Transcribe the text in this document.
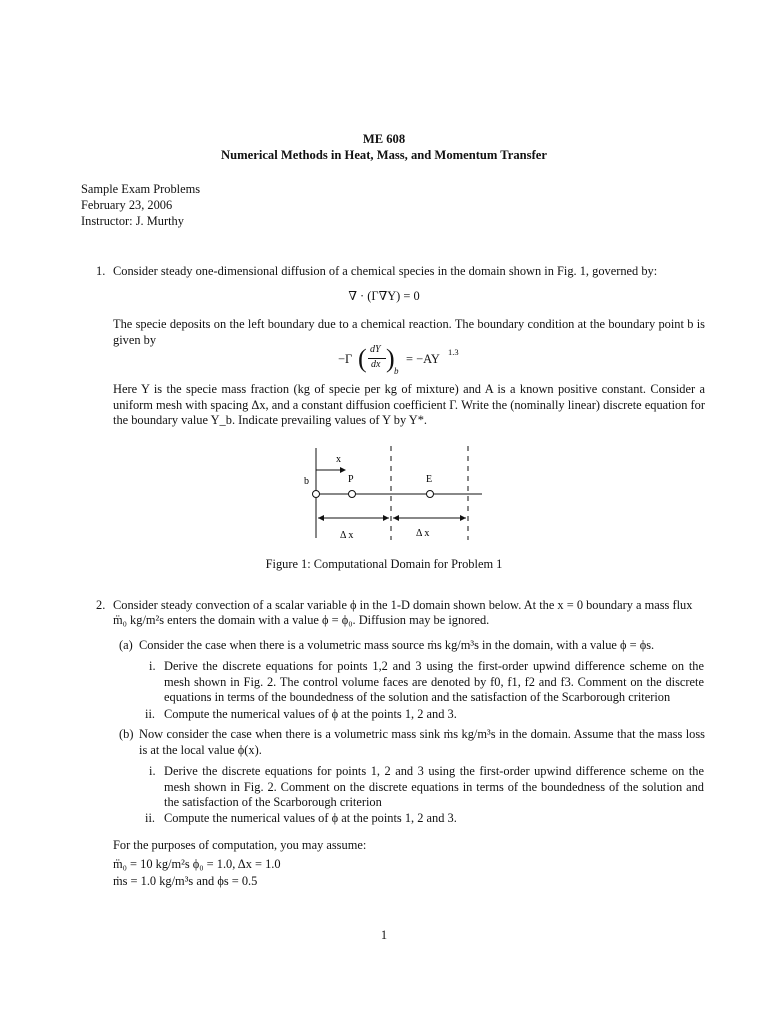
ME 608
Numerical Methods in Heat, Mass, and Momentum Transfer
Sample Exam Problems
February 23, 2006
Instructor: J. Murthy
1. Consider steady one-dimensional diffusion of a chemical species in the domain shown in Fig. 1, governed by:
∇ · (Γ∇Y) = 0
The specie deposits on the left boundary due to a chemical reaction. The boundary condition at the boundary point b is given by
−Γ ( dY
dx ) b
= −AY 1.3
Here Y is the specie mass fraction (kg of specie per kg of mixture) and A is a known positive constant. Consider a uniform mesh with spacing Δx, and a constant diffusion coefficient Γ. Write the (nominally linear) discrete equation for the boundary value Y_b. Indicate prevailing values of Y by Y*.
x
b	P	E
Δ x	Δ x
Figure 1: Computational Domain for Problem 1
2. Consider steady convection of a scalar variable ϕ in the 1-D domain shown below. At the x = 0 boundary a mass flux
m̈₀ kg/m²s enters the domain with a value ϕ = ϕ₀. Diffusion may be ignored.
(a) Consider the case when there is a volumetric mass source ṁs kg/m³s in the domain, with a value ϕ = ϕs.
i. Derive the discrete equations for points 1,2 and 3 using the first-order upwind difference scheme on the mesh shown in Fig. 2. The control volume faces are denoted by f0, f1, f2 and f3. Comment on the discrete equations in terms of the boundedness of the solution and the satisfaction of the Scarborough criterion
ii. Compute the numerical values of ϕ at the points 1, 2 and 3.
(b) Now consider the case when there is a volumetric mass sink ṁs kg/m³s in the domain. Assume that the mass loss is at the local value ϕ(x).
i. Derive the discrete equations for points 1, 2 and 3 using the first-order upwind difference scheme on the mesh shown in Fig. 2. Comment on the discrete equations in terms of the boundedness of the solution and the satisfaction of the Scarborough criterion
ii. Compute the numerical values of ϕ at the points 1, 2 and 3.
For the purposes of computation, you may assume:
m̈₀ = 10 kg/m²s ϕ₀ = 1.0, Δx = 1.0
ṁs = 1.0 kg/m³s and ϕs = 0.5
1
